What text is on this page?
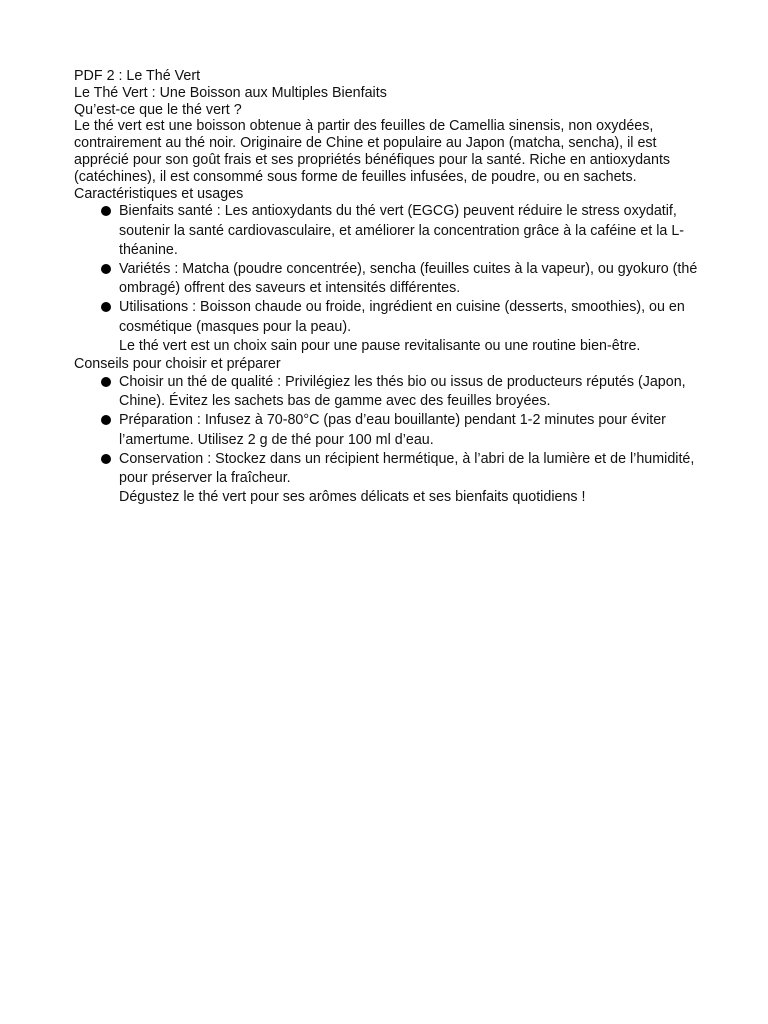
PDF 2 : Le Thé Vert

Le Thé Vert : Une Boisson aux Multiples Bienfaits

Qu’est-ce que le thé vert ?

Le thé vert est une boisson obtenue à partir des feuilles de Camellia sinensis, non oxydées, contrairement au thé noir. Originaire de Chine et populaire au Japon (matcha, sencha), il est apprécié pour son goût frais et ses propriétés bénéfiques pour la santé. Riche en antioxydants (catéchines), il est consommé sous forme de feuilles infusées, de poudre, ou en sachets.

Caractéristiques et usages

Bienfaits santé : Les antioxydants du thé vert (EGCG) peuvent réduire le stress oxydatif, soutenir la santé cardiovasculaire, et améliorer la concentration grâce à la caféine et la L-théanine.
Variétés : Matcha (poudre concentrée), sencha (feuilles cuites à la vapeur), ou gyokuro (thé ombragé) offrent des saveurs et intensités différentes.
Utilisations : Boisson chaude ou froide, ingrédient en cuisine (desserts, smoothies), ou en cosmétique (masques pour la peau).
Le thé vert est un choix sain pour une pause revitalisante ou une routine bien-être.

Conseils pour choisir et préparer

Choisir un thé de qualité : Privilégiez les thés bio ou issus de producteurs réputés (Japon, Chine). Évitez les sachets bas de gamme avec des feuilles broyées.
Préparation : Infusez à 70-80°C (pas d’eau bouillante) pendant 1-2 minutes pour éviter l’amertume. Utilisez 2 g de thé pour 100 ml d’eau.
Conservation : Stockez dans un récipient hermétique, à l’abri de la lumière et de l’humidité, pour préserver la fraîcheur.
Dégustez le thé vert pour ses arômes délicats et ses bienfaits quotidiens !
